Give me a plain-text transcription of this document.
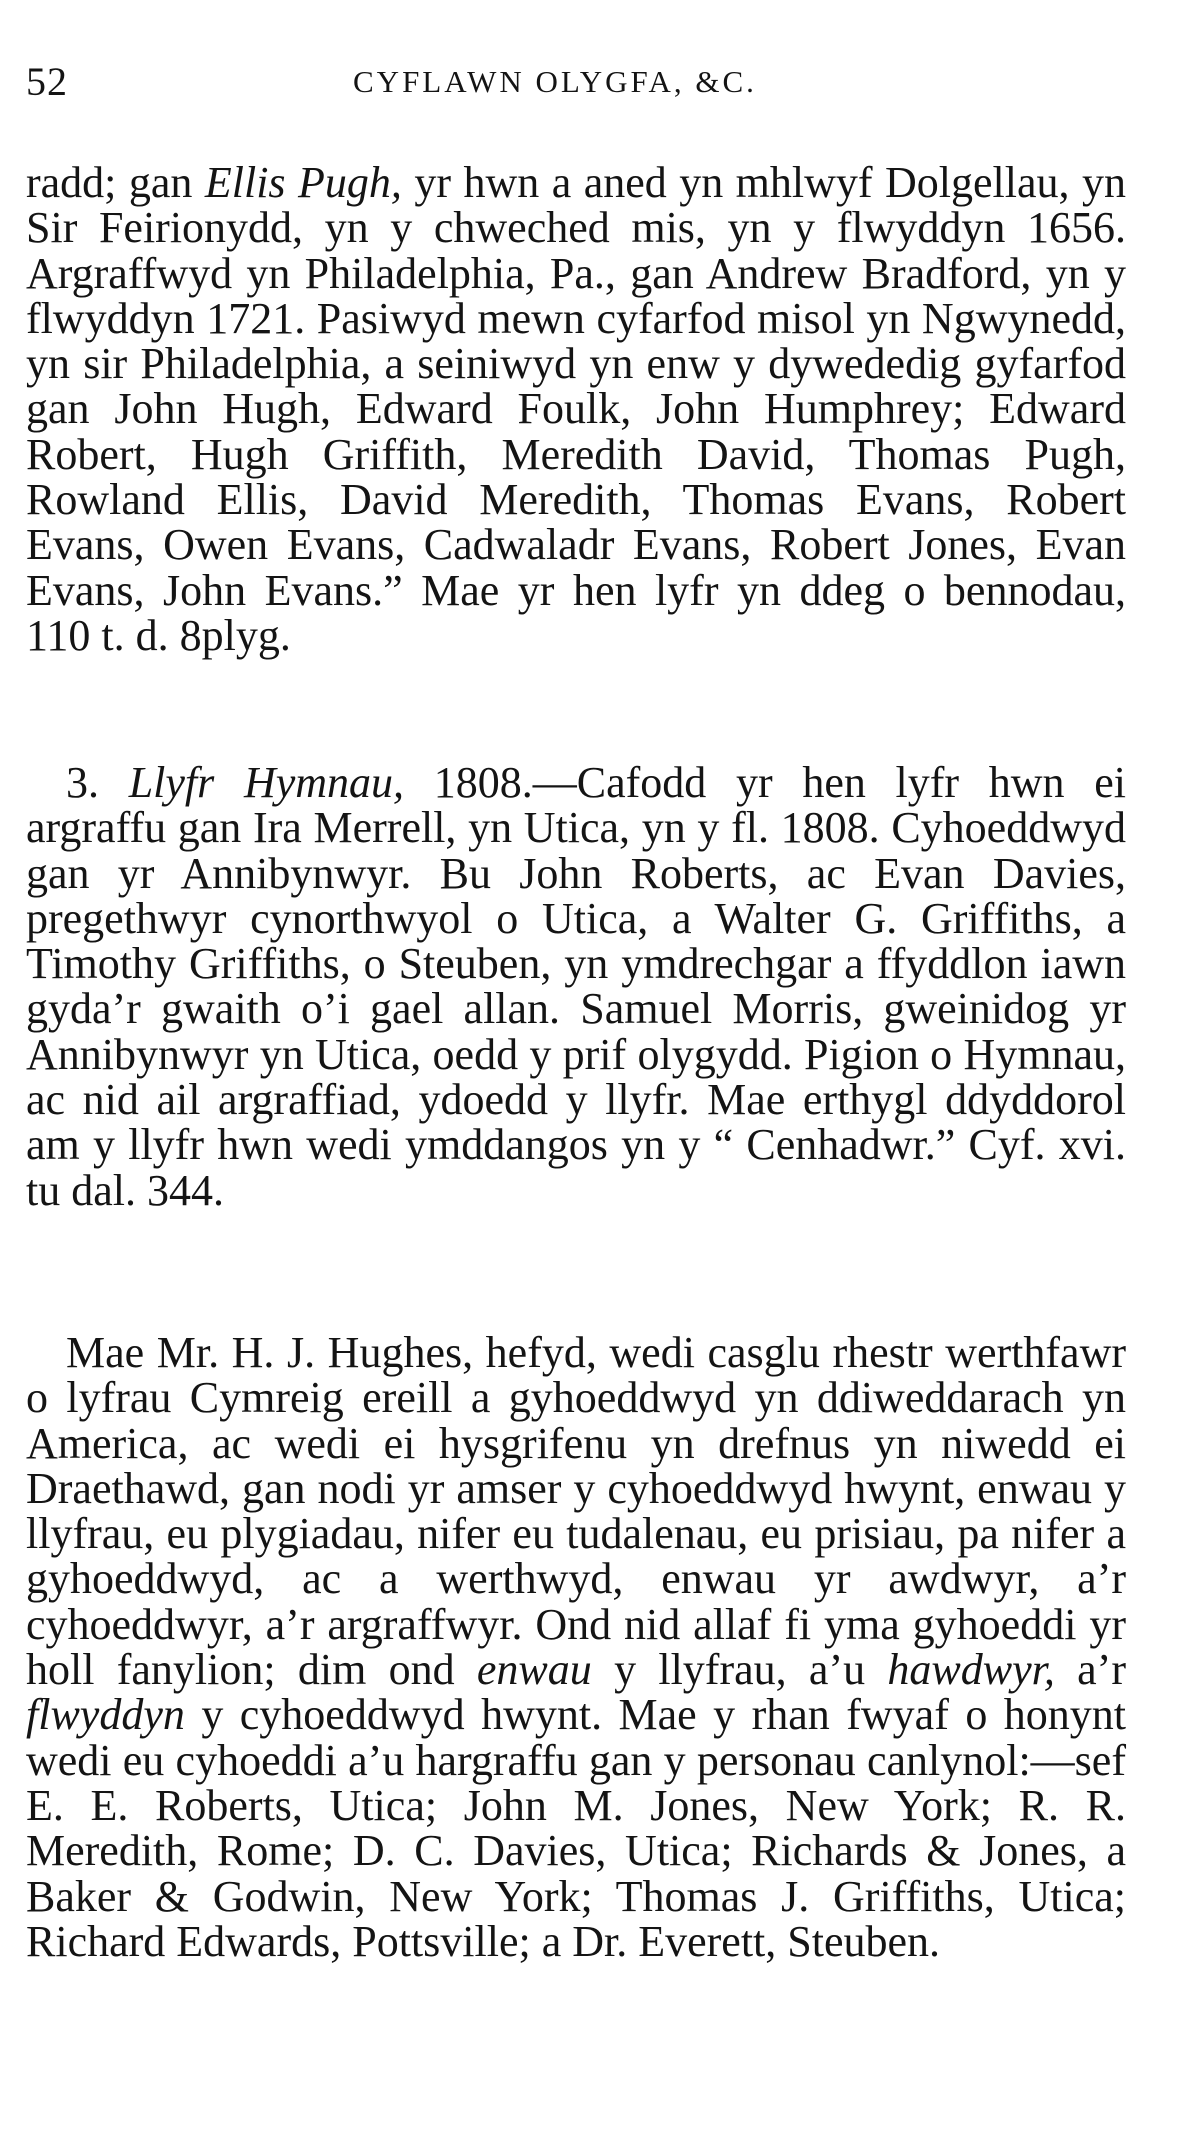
52	CYFLAWN OLYGFA, &C.

radd; gan Ellis Pugh, yr hwn a aned yn mhlwyf Dolgellau, yn Sir Feirionydd, yn y chweched mis, yn y flwyddyn 1656. Argraffwyd yn Philadelphia, Pa., gan Andrew Bradford, yn y flwyddyn 1721. Pasiwyd mewn cyfarfod misol yn Ngwynedd, yn sir Philadelphia, a seiniwyd yn enw y dywededig gyfarfod gan John Hugh, Edward Foulk, John Humphrey; Edward Robert, Hugh Griffith, Meredith David, Thomas Pugh, Rowland Ellis, David Meredith, Thomas Evans, Robert Evans, Owen Evans, Cadwaladr Evans, Robert Jones, Evan Evans, John Evans.” Mae yr hen lyfr yn ddeg o bennodau, 110 t. d. 8plyg.

3. Llyfr Hymnau, 1808.—Cafodd yr hen lyfr hwn ei argraffu gan Ira Merrell, yn Utica, yn y fl. 1808. Cyhoeddwyd gan yr Annibynwyr. Bu John Roberts, ac Evan Davies, pregethwyr cynorthwyol o Utica, a Walter G. Griffiths, a Timothy Griffiths, o Steuben, yn ymdrechgar a ffyddlon iawn gyda’r gwaith o’i gael allan. Samuel Morris, gweinidog yr Annibynwyr yn Utica, oedd y prif olygydd. Pigion o Hymnau, ac nid ail argraffiad, ydoedd y llyfr. Mae erthygl ddyddorol am y llyfr hwn wedi ymddangos yn y “ Cenhadwr.” Cyf. xvi. tu dal. 344.

Mae Mr. H. J. Hughes, hefyd, wedi casglu rhestr werthfawr o lyfrau Cymreig ereill a gyhoeddwyd yn ddiweddarach yn America, ac wedi ei hysgrifenu yn drefnus yn niwedd ei Draethawd, gan nodi yr amser y cyhoeddwyd hwynt, enwau y llyfrau, eu plygiadau, nifer eu tudalenau, eu prisiau, pa nifer a gyhoeddwyd, ac a werthwyd, enwau yr awdwyr, a’r cyhoeddwyr, a’r argraffwyr. Ond nid allaf fi yma gyhoeddi yr holl fanylion; dim ond enwau y llyfrau, a’u hawdwyr, a’r flwyddyn y cyhoeddwyd hwynt. Mae y rhan fwyaf o honynt wedi eu cyhoeddi a’u hargraffu gan y personau canlynol:—sef E. E. Roberts, Utica; John M. Jones, New York; R. R. Meredith, Rome; D. C. Davies, Utica; Richards & Jones, a Baker & Godwin, New York; Thomas J. Griffiths, Utica; Richard Edwards, Pottsville; a Dr. Everett, Steuben.
